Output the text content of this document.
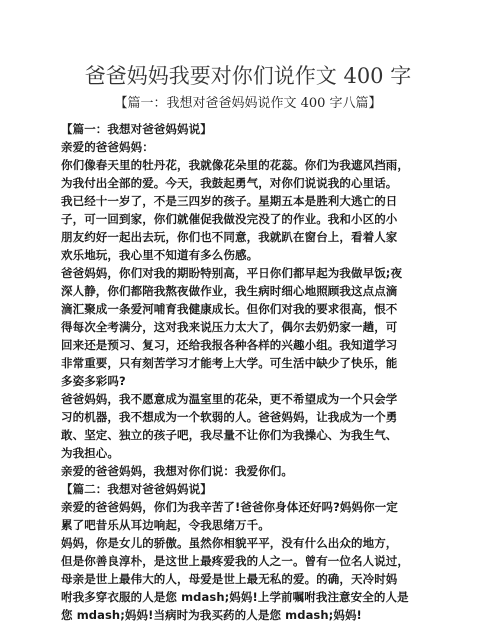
爸爸妈妈我要对你们说作文 400 字
【篇一：我想对爸爸妈妈说作文 400 字八篇】
【篇一：我想对爸爸妈妈说】
亲爱的爸爸妈妈：
你们像春天里的牡丹花，我就像花朵里的花蕊。你们为我遮风挡雨，
为我付出全部的爱。今天，我鼓起勇气，对你们说说我的心里话。
我已经十一岁了，不是三四岁的孩子。星期五本是胜利大逃亡的日
子，可一回到家，你们就催促我做没完没了的作业。我和小区的小
朋友约好一起出去玩，你们也不同意，我就趴在窗台上，看着人家
欢乐地玩，我心里不知道有多么伤感。
爸爸妈妈，你们对我的期盼特别高，平日你们都早起为我做早饭;夜
深人静，你们都陪我熬夜做作业，我生病时细心地照顾我这点点滴
滴汇聚成一条爱河哺育我健康成长。但你们对我的要求很高，恨不
得每次全考满分，这对我来说压力太大了，偶尔去奶奶家一趟，可
回来还是预习、复习，还给我报各种各样的兴趣小组。我知道学习
非常重要，只有刻苦学习才能考上大学。可生活中缺少了快乐，能
多姿多彩吗?
爸爸妈妈，我不愿意成为温室里的花朵，更不希望成为一个只会学
习的机器，我不想成为一个软弱的人。爸爸妈妈，让我成为一个勇
敢、坚定、独立的孩子吧，我尽量不让你们为我操心、为我生气、
为我担心。
亲爱的爸爸妈妈，我想对你们说：我爱你们。
【篇二：我想对爸爸妈妈说】
亲爱的爸爸妈妈，你们为我辛苦了!爸爸你身体还好吗?妈妈你一定
累了吧昔乐从耳边响起，令我思绪万千。
妈妈，你是女儿的骄傲。虽然你相貌平平，没有什么出众的地方，
但是你善良淳朴，是这世上最疼爱我的人之一。曾有一位名人说过，
母亲是世上最伟大的人，母爱是世上最无私的爱。的确，天冷时妈
咐我多穿衣服的人是您 mdash;妈妈!上学前嘱咐我注意安全的人是
您 mdash;妈妈!当病时为我买药的人是您 mdash;妈妈!
